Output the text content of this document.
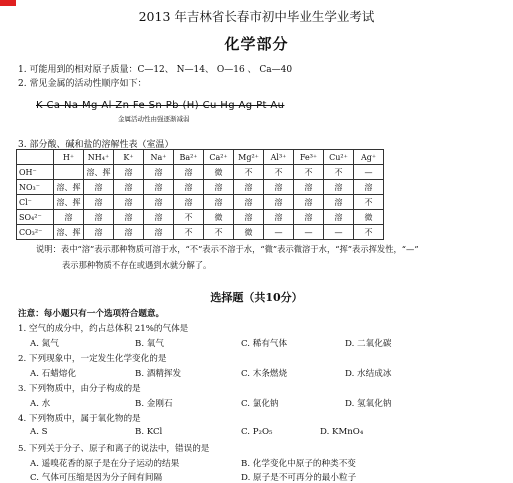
2013 年吉林省长春市初中毕业生学业考试
化学部分
1. 可能用到的相对原子质量：C—12、 N—14、 O—16 、 Ca—40
2. 常见金属的活动性顺序如下：
K Ca Na Mg Al Zn Fe Sn Pb (H) Cu Hg Ag Pt Au
金属活动性由强逐渐减弱
3. 部分酸、碱和盐的溶解性表（室温）
	H⁺	NH₄⁺	K⁺	Na⁺	Ba²⁺	Ca²⁺	Mg²⁺	Al³⁺	Fe³⁺	Cu²⁺	Ag⁺
OH⁻		溶、挥	溶	溶	溶	微	不	不	不	不	—
NO₃⁻	溶、挥	溶	溶	溶	溶	溶	溶	溶	溶	溶	溶
Cl⁻	溶、挥	溶	溶	溶	溶	溶	溶	溶	溶	溶	不
SO₄²⁻	溶	溶	溶	溶	不	微	溶	溶	溶	溶	微
CO₃²⁻	溶、挥	溶	溶	溶	不	不	微	—	—	—	不
说明：表中“溶”表示那种物质可溶于水，“不”表示不溶于水，“微”表示微溶于水，“挥”表示挥发性，“—”
表示那种物质不存在或遇到水就分解了。
选择题（共10分）
注意：每小题只有一个选项符合题意。
1. 空气的成分中，约占总体积 21%的气体是
A. 氮气	B. 氧气	C. 稀有气体	D. 二氧化碳
2. 下列现象中，一定发生化学变化的是
A. 石蜡熔化	B. 酒精挥发	C. 木条燃烧	D. 水结成冰
3. 下列物质中，由分子构成的是
A. 水	B. 金刚石	C. 氯化钠	D. 氢氧化钠
4. 下列物质中，属于氧化物的是
A. S	B. KCl	C. P₂O₅	D. KMnO₄
5. 下列关于分子、原子和离子的说法中，错误的是
A. 遥嗅花香的原子是在分子运动的结果	B. 化学变化中原子的种类不变
C. 气体可压缩是因为分子间有间隔	D. 原子是不可再分的最小粒子
